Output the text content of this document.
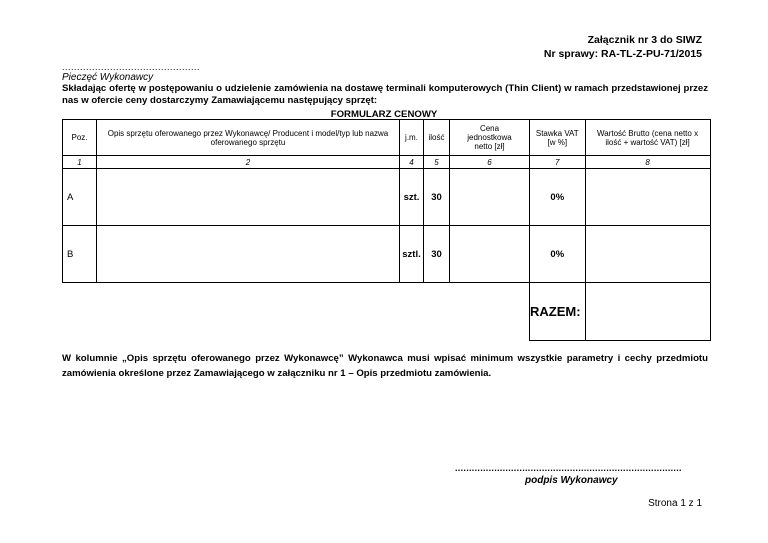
Załącznik nr 3 do SIWZ
Nr sprawy: RA-TL-Z-PU-71/2015
..............................................
Pieczęć Wykonawcy
Składając ofertę w postępowaniu o udzielenie zamówienia na dostawę terminali komputerowych (Thin Client) w ramach przedstawionej przez nas w ofercie ceny dostarczymy Zamawiającemu następujący sprzęt:
FORMULARZ CENOWY
Poz.	Opis sprzętu oferowanego przez Wykonawcę/ Producent i model/typ lub nazwa oferowanego sprzętu	j.m.	ilość	Cena jednostkowa netto [zł]	Stawka VAT [w %]	Wartość Brutto (cena netto x ilość + wartość VAT) [zł]
1	2	4	5	6	7	8
A		szt.	30		0%	
B		sztl.	30		0%	
					RAZEM:	
W kolumnie „Opis sprzętu oferowanego przez Wykonawcę” Wykonawca musi wpisać minimum wszystkie parametry i cechy przedmiotu zamówienia określone przez Zamawiającego w załączniku nr 1 – Opis przedmiotu zamówienia.
.................................................................................
podpis Wykonawcy
Strona 1 z 1
